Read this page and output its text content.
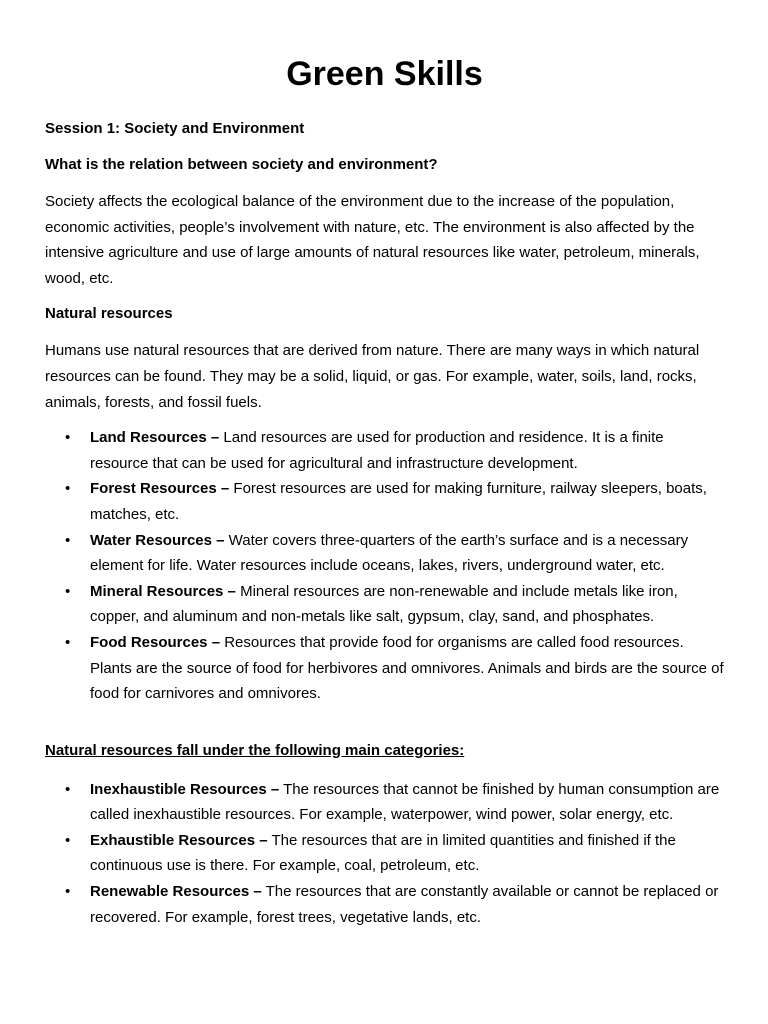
Green Skills

Session 1: Society and Environment

What is the relation between society and environment?

Society affects the ecological balance of the environment due to the increase of the population, economic activities, people’s involvement with nature, etc. The environment is also affected by the intensive agriculture and use of large amounts of natural resources like water, petroleum, minerals, wood, etc.

Natural resources

Humans use natural resources that are derived from nature. There are many ways in which natural resources can be found. They may be a solid, liquid, or gas. For example, water, soils, land, rocks, animals, forests, and fossil fuels.

• Land Resources – Land resources are used for production and residence. It is a finite resource that can be used for agricultural and infrastructure development.
• Forest Resources – Forest resources are used for making furniture, railway sleepers, boats, matches, etc.
• Water Resources – Water covers three-quarters of the earth’s surface and is a necessary element for life. Water resources include oceans, lakes, rivers, underground water, etc.
• Mineral Resources – Mineral resources are non-renewable and include metals like iron, copper, and aluminum and non-metals like salt, gypsum, clay, sand, and phosphates.
• Food Resources – Resources that provide food for organisms are called food resources. Plants are the source of food for herbivores and omnivores. Animals and birds are the source of food for carnivores and omnivores.

Natural resources fall under the following main categories:

• Inexhaustible Resources – The resources that cannot be finished by human consumption are called inexhaustible resources. For example, waterpower, wind power, solar energy, etc.
• Exhaustible Resources – The resources that are in limited quantities and finished if the continuous use is there. For example, coal, petroleum, etc.
• Renewable Resources – The resources that are constantly available or cannot be replaced or recovered. For example, forest trees, vegetative lands, etc.
